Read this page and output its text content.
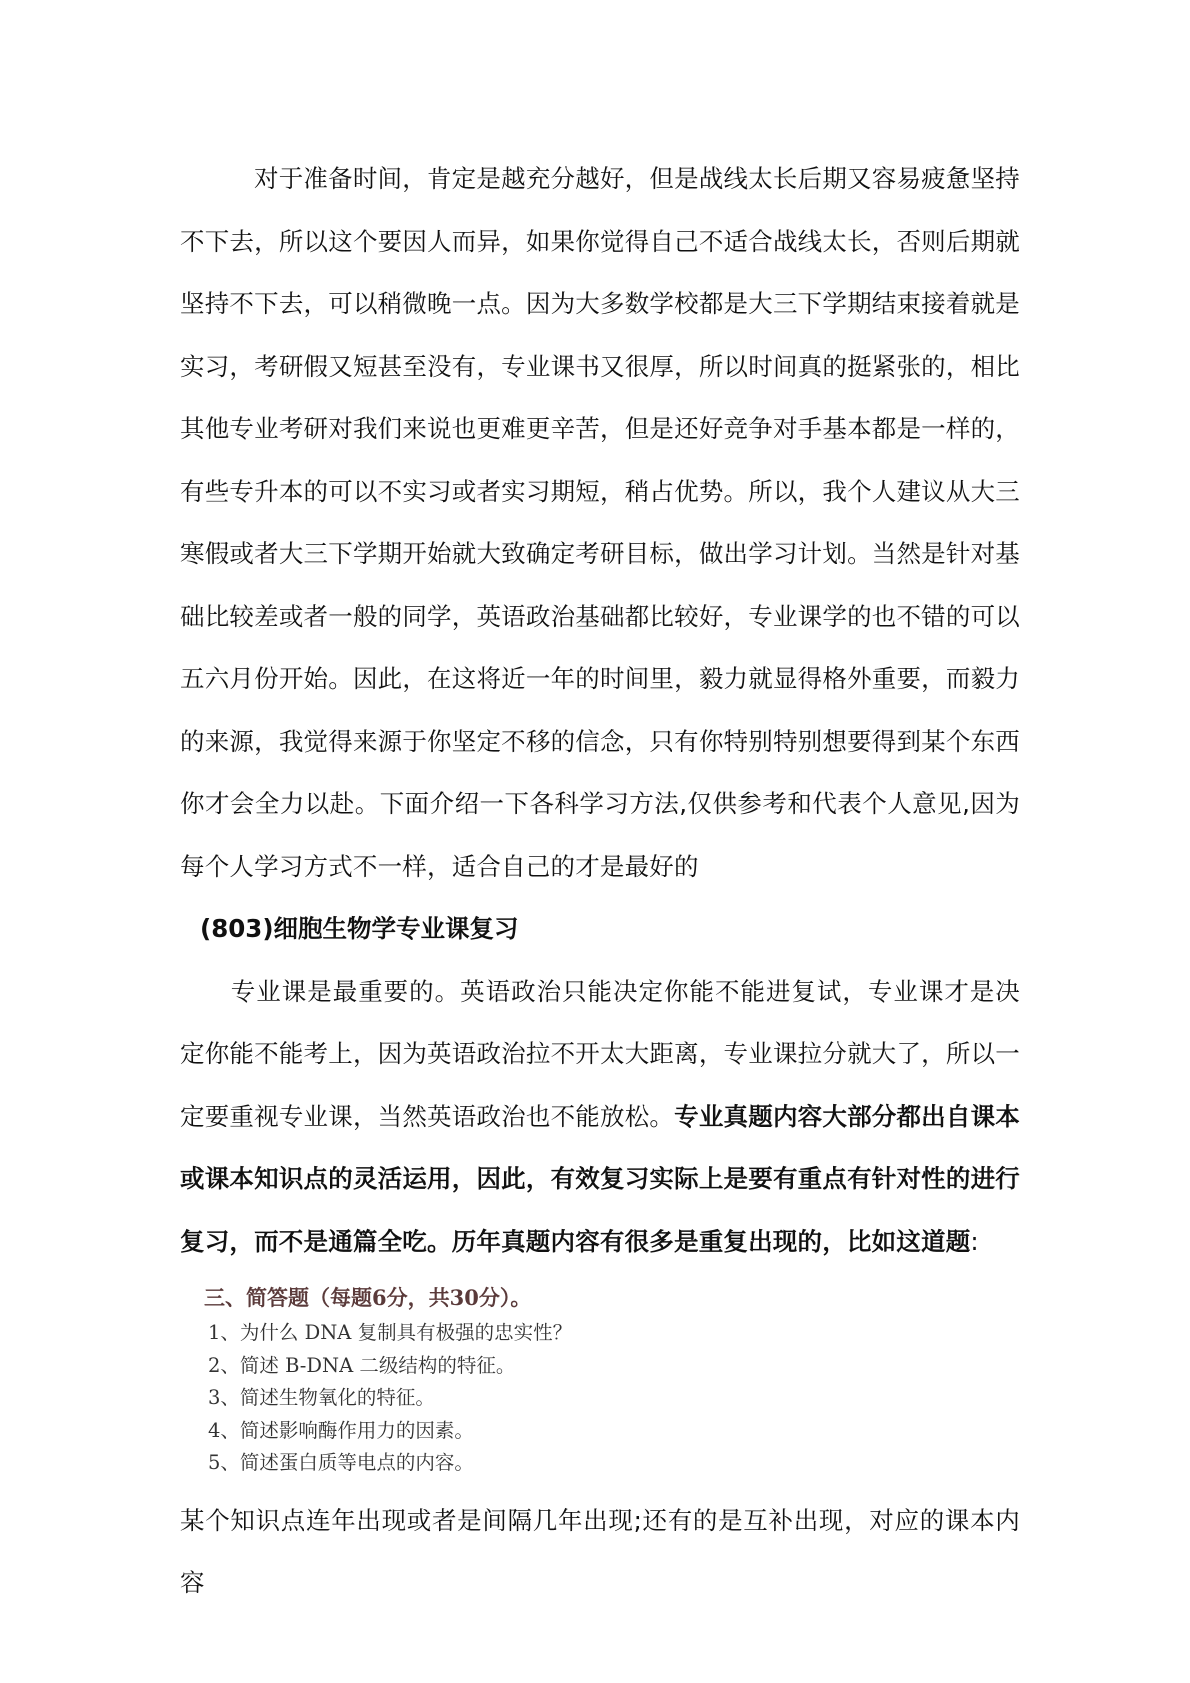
对于准备时间，肯定是越充分越好，但是战线太长后期又容易疲惫坚持不下去，所以这个要因人而异，如果你觉得自己不适合战线太长，否则后期就坚持不下去，可以稍微晚一点。因为大多数学校都是大三下学期结束接着就是实习，考研假又短甚至没有，专业课书又很厚，所以时间真的挺紧张的，相比其他专业考研对我们来说也更难更辛苦，但是还好竞争对手基本都是一样的，有些专升本的可以不实习或者实习期短，稍占优势。所以，我个人建议从大三寒假或者大三下学期开始就大致确定考研目标，做出学习计划。当然是针对基础比较差或者一般的同学，英语政治基础都比较好，专业课学的也不错的可以五六月份开始。因此，在这将近一年的时间里，毅力就显得格外重要，而毅力的来源，我觉得来源于你坚定不移的信念，只有你特别特别想要得到某个东西你才会全力以赴。下面介绍一下各科学习方法,仅供参考和代表个人意见,因为每个人学习方式不一样，适合自己的才是最好的

(803)细胞生物学专业课复习

专业课是最重要的。英语政治只能决定你能不能进复试，专业课才是决定你能不能考上，因为英语政治拉不开太大距离，专业课拉分就大了，所以一定要重视专业课，当然英语政治也不能放松。专业真题内容大部分都出自课本或课本知识点的灵活运用，因此，有效复习实际上是要有重点有针对性的进行复习，而不是通篇全吃。历年真题内容有很多是重复出现的，比如这道题:

三、简答题（每题6分，共30分）。
1、为什么 DNA 复制具有极强的忠实性？
2、简述 B-DNA 二级结构的特征。
3、简述生物氧化的特征。
4、简述影响酶作用力的因素。
5、简述蛋白质等电点的内容。

某个知识点连年出现或者是间隔几年出现;还有的是互补出现，对应的课本内容
